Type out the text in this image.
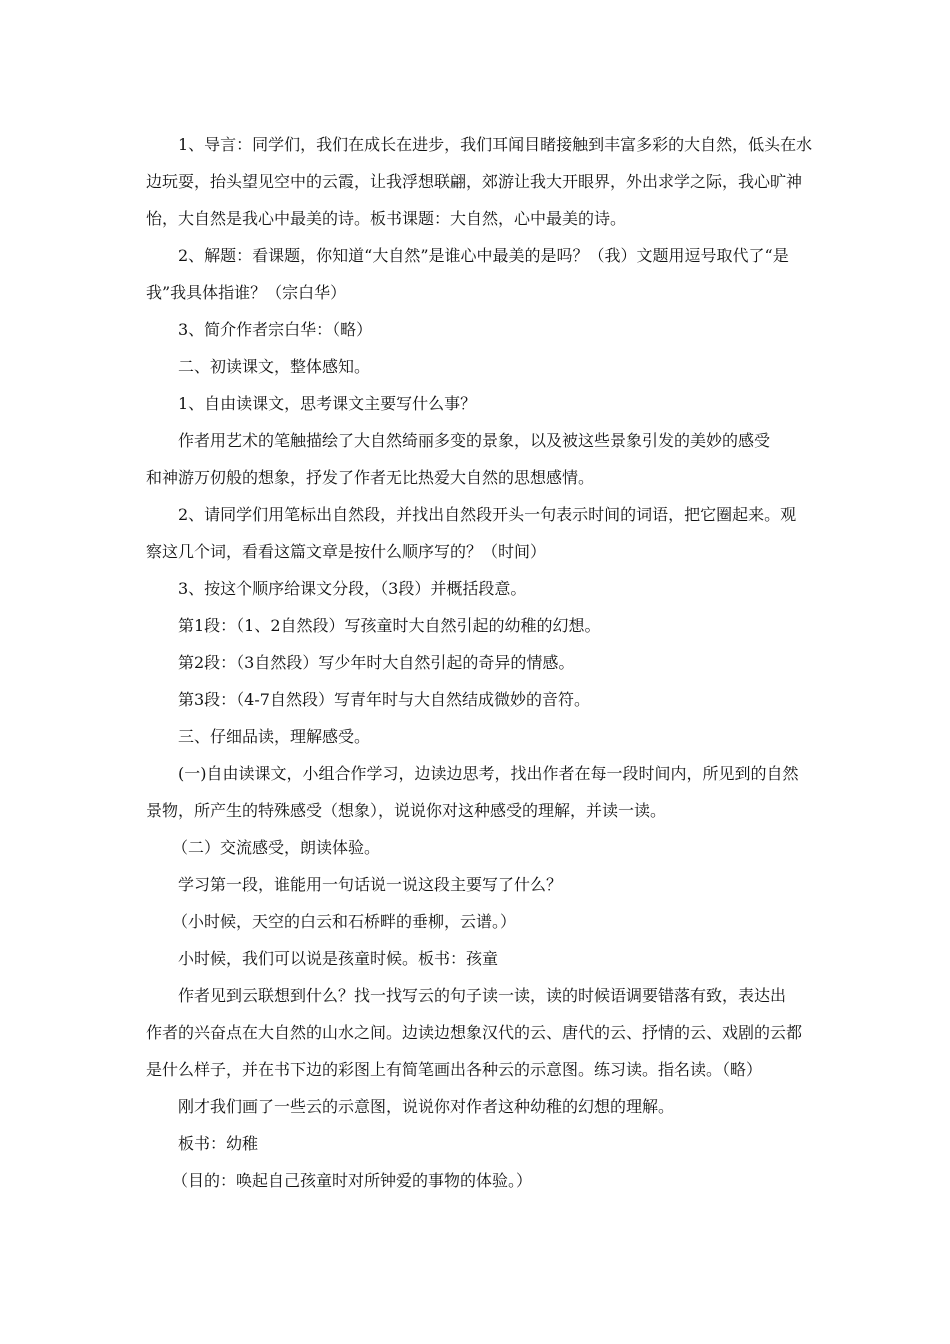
1、导言：同学们，我们在成长在进步，我们耳闻目睹接触到丰富多彩的大自然，低头在水
边玩耍，抬头望见空中的云霞，让我浮想联翩，郊游让我大开眼界，外出求学之际，我心旷神
怡，大自然是我心中最美的诗。板书课题：大自然，心中最美的诗。
2、解题：看课题，你知道“大自然”是谁心中最美的是吗？（我）文题用逗号取代了“是
我”我具体指谁？（宗白华）
3、简介作者宗白华：（略）
二、初读课文，整体感知。
1、自由读课文，思考课文主要写什么事？
作者用艺术的笔触描绘了大自然绮丽多变的景象，以及被这些景象引发的美妙的感受
和神游万仞般的想象，抒发了作者无比热爱大自然的思想感情。
2、请同学们用笔标出自然段，并找出自然段开头一句表示时间的词语，把它圈起来。观
察这几个词，看看这篇文章是按什么顺序写的？（时间）
3、按这个顺序给课文分段，（3段）并概括段意。
第1段：（1、2自然段）写孩童时大自然引起的幼稚的幻想。
第2段：（3自然段）写少年时大自然引起的奇异的情感。
第3段：（4-7自然段）写青年时与大自然结成微妙的音符。
三、仔细品读，理解感受。
(一)自由读课文，小组合作学习，边读边思考，找出作者在每一段时间内，所见到的自然
景物，所产生的特殊感受（想象），说说你对这种感受的理解，并读一读。
（二）交流感受，朗读体验。
学习第一段，谁能用一句话说一说这段主要写了什么？
（小时候，天空的白云和石桥畔的垂柳，云谱。）
小时候，我们可以说是孩童时候。板书：孩童
作者见到云联想到什么？找一找写云的句子读一读，读的时候语调要错落有致，表达出
作者的兴奋点在大自然的山水之间。边读边想象汉代的云、唐代的云、抒情的云、戏剧的云都
是什么样子，并在书下边的彩图上有简笔画出各种云的示意图。练习读。指名读。（略）
刚才我们画了一些云的示意图，说说你对作者这种幼稚的幻想的理解。
板书：幼稚
（目的：唤起自己孩童时对所钟爱的事物的体验。）
